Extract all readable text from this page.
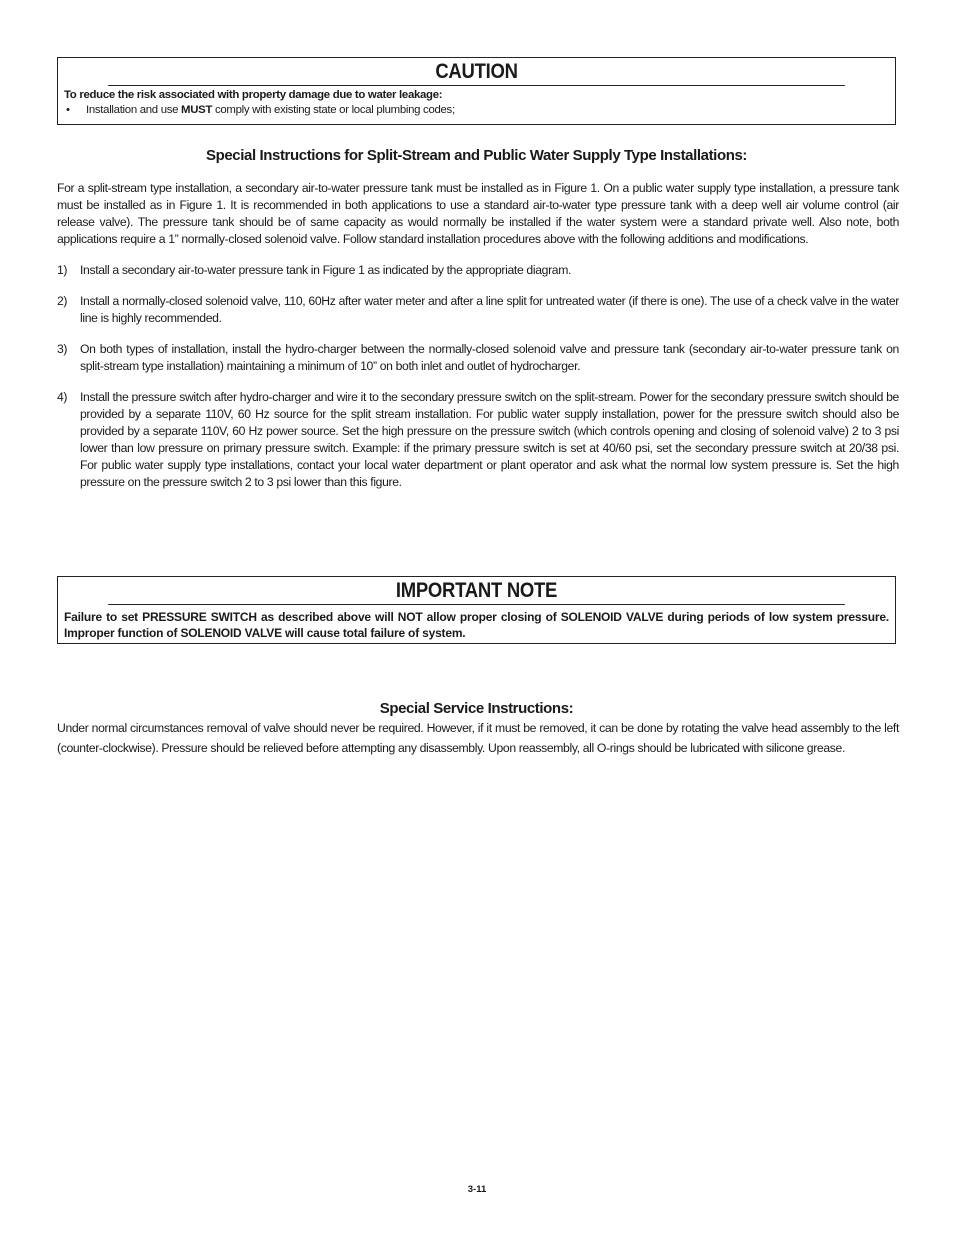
CAUTION
To reduce the risk associated with property damage due to water leakage:
•	Installation and use MUST comply with existing state or local plumbing codes;
Special Instructions for Split-Stream and Public Water Supply Type Installations:
For a split-stream type installation, a secondary air-to-water pressure tank must be installed as in Figure 1. On a public water supply type installation, a pressure tank must be installed as in Figure 1. It is recommended in both applications to use a standard air-to-water type pressure tank with a deep well air volume control (air release valve). The pressure tank should be of same capacity as would normally be installed if the water system were a standard private well. Also note, both applications require a 1” normally-closed solenoid valve. Follow standard installation procedures above with the following additions and modifications.
1)	Install a secondary air-to-water pressure tank in Figure 1 as indicated by the appropriate diagram.
2)	Install a normally-closed solenoid valve, 110, 60Hz after water meter and after a line split for untreated water (if there is one). The use of a check valve in the water line is highly recommended.
3)	On both types of installation, install the hydro-charger between the normally-closed solenoid valve and pressure tank (secondary air-to-water pressure tank on split-stream type installation) maintaining a minimum of 10” on both inlet and outlet of hydrocharger.
4)	Install the pressure switch after hydro-charger and wire it to the secondary pressure switch on the split-stream. Power for the secondary pressure switch should be provided by a separate 110V, 60 Hz source for the split stream installation. For public water supply installation, power for the pressure switch should also be provided by a separate 110V, 60 Hz power source. Set the high pressure on the pressure switch (which controls opening and closing of solenoid valve) 2 to 3 psi lower than low pressure on primary pressure switch. Example: if the primary pressure switch is set at 40/60 psi, set the secondary pressure switch at 20/38 psi. For public water supply type installations, contact your local water department or plant operator and ask what the normal low system pressure is. Set the high pressure on the pressure switch 2 to 3 psi lower than this figure.
IMPORTANT NOTE
Failure to set PRESSURE SWITCH as described above will NOT allow proper closing of SOLENOID VALVE during periods of low system pressure. Improper function of SOLENOID VALVE will cause total failure of system.
Special Service Instructions:
Under normal circumstances removal of valve should never be required. However, if it must be removed, it can be done by rotating the valve head assembly to the left (counter-clockwise). Pressure should be relieved before attempting any disassembly. Upon reassembly, all O-rings should be lubricated with silicone grease.
3-11
